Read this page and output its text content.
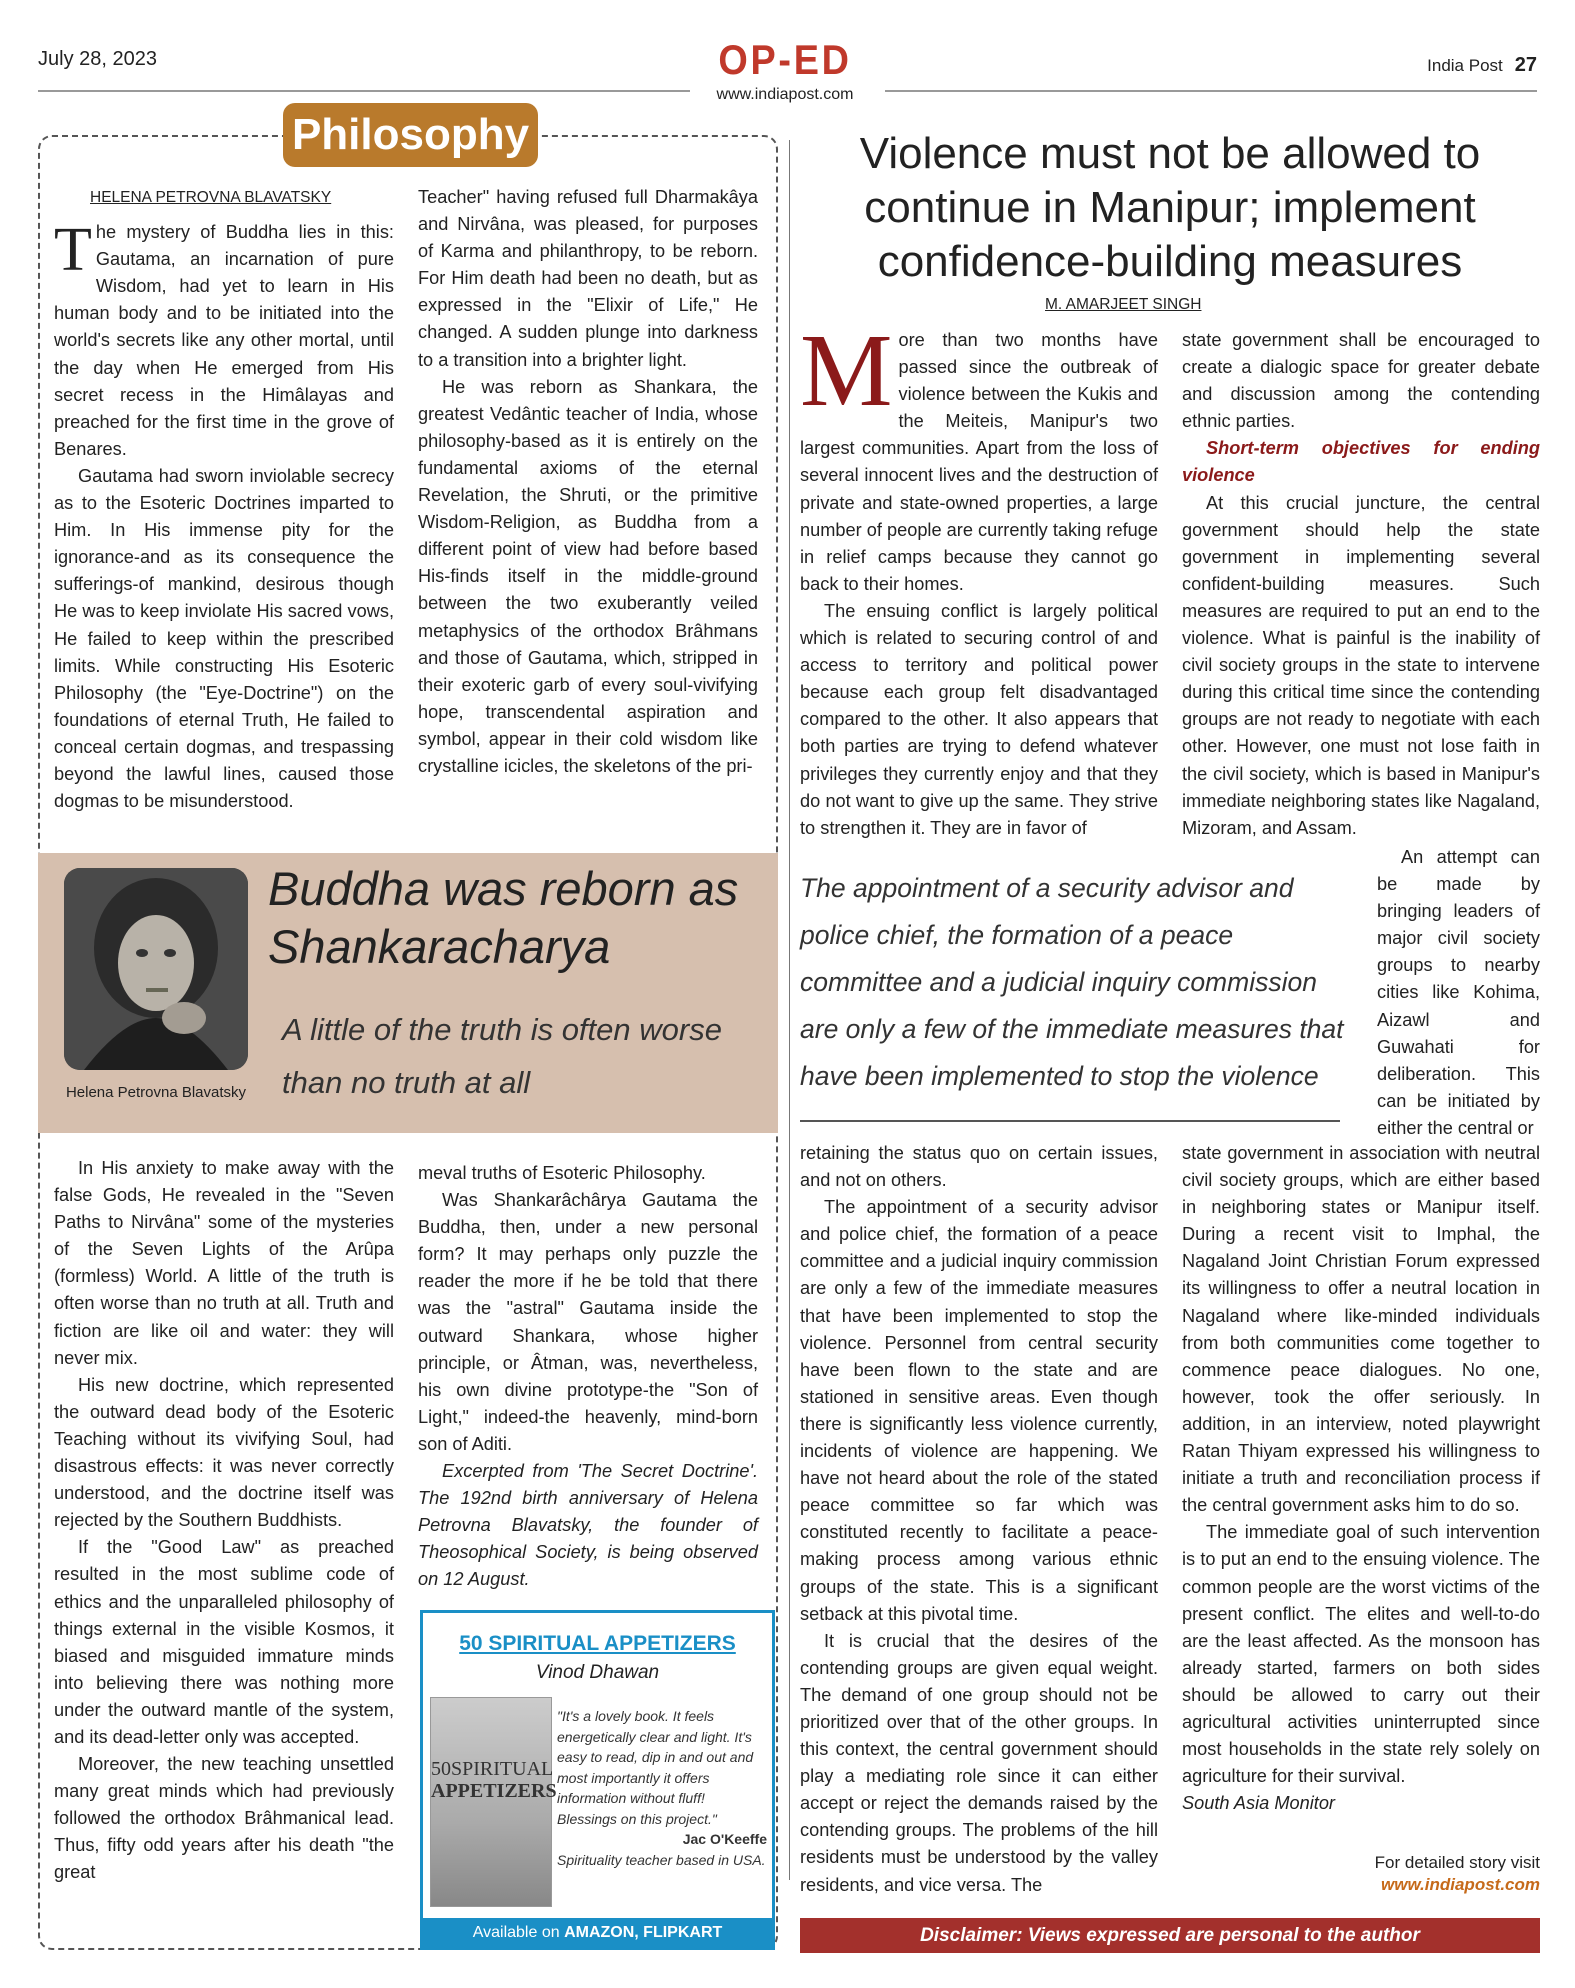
July 28, 2023	OP-ED
www.indiapost.com
India Post 27
Philosophy
HELENA PETROVNA BLAVATSKY

The mystery of Buddha lies in this: Gautama, an incarnation of pure Wisdom, had yet to learn in His human body and to be initiated into the world's secrets like any other mortal, until the day when He emerged from His secret recess in the Himâlayas and preached for the first time in the grove of Benares.

Gautama had sworn inviolable secrecy as to the Esoteric Doctrines imparted to Him. In His immense pity for the ignorance-and as its consequence the sufferings-of mankind, desirous though He was to keep inviolate His sacred vows, He failed to keep within the prescribed limits. While constructing His Esoteric Philosophy (the "Eye-Doctrine") on the foundations of eternal Truth, He failed to conceal certain dogmas, and trespassing beyond the lawful lines, caused those dogmas to be misunderstood.

Teacher" having refused full Dharmakâya and Nirvâna, was pleased, for purposes of Karma and philanthropy, to be reborn. For Him death had been no death, but as expressed in the "Elixir of Life," He changed. A sudden plunge into darkness to a transition into a brighter light.

He was reborn as Shankara, the greatest Vedântic teacher of India, whose philosophy-based as it is entirely on the fundamental axioms of the eternal Revelation, the Shruti, or the primitive Wisdom-Religion, as Buddha from a different point of view had before based His-finds itself in the middle-ground between the two exuberantly veiled metaphysics of the orthodox Brâhmans and those of Gautama, which, stripped in their exoteric garb of every soul-vivifying hope, transcendental aspiration and symbol, appear in their cold wisdom like crystalline icicles, the skeletons of the pri-

Helena Petrovna Blavatsky
Buddha was reborn as Shankaracharya
A little of the truth is often worse than no truth at all

In His anxiety to make away with the false Gods, He revealed in the "Seven Paths to Nirvâna" some of the mysteries of the Seven Lights of the Arûpa (formless) World. A little of the truth is often worse than no truth at all. Truth and fiction are like oil and water: they will never mix.

His new doctrine, which represented the outward dead body of the Esoteric Teaching without its vivifying Soul, had disastrous effects: it was never correctly understood, and the doctrine itself was rejected by the Southern Buddhists.

If the "Good Law" as preached resulted in the most sublime code of ethics and the unparalleled philosophy of things external in the visible Kosmos, it biased and misguided immature minds into believing there was nothing more under the outward mantle of the system, and its dead-letter only was accepted.

Moreover, the new teaching unsettled many great minds which had previously followed the orthodox Brâhmanical lead. Thus, fifty odd years after his death "the great

meval truths of Esoteric Philosophy.

Was Shankarâchârya Gautama the Buddha, then, under a new personal form? It may perhaps only puzzle the reader the more if he be told that there was the "astral" Gautama inside the outward Shankara, whose higher principle, or Âtman, was, nevertheless, his own divine prototype-the "Son of Light," indeed-the heavenly, mind-born son of Aditi.

Excerpted from 'The Secret Doctrine'. The 192nd birth anniversary of Helena Petrovna Blavatsky, the founder of Theosophical Society, is being observed on 12 August.

50 SPIRITUAL APPETIZERS
Vinod Dhawan
50SPIRITUAL
APPETIZERS
"It's a lovely book. It feels energetically clear and light. It's easy to read, dip in and out and most importantly it offers information without fluff! Blessings on this project."
Jac O'Keeffe
Spirituality teacher based in USA.
Available on AMAZON, FLIPKART
Violence must not be allowed to continue in Manipur; implement confidence-building measures
M. AMARJEET SINGH

More than two months have passed since the outbreak of violence between the Kukis and the Meiteis, Manipur's two largest communities. Apart from the loss of several innocent lives and the destruction of private and state-owned properties, a large number of people are currently taking refuge in relief camps because they cannot go back to their homes.

The ensuing conflict is largely political which is related to securing control of and access to territory and political power because each group felt disadvantaged compared to the other. It also appears that both parties are trying to defend whatever privileges they currently enjoy and that they do not want to give up the same. They strive to strengthen it. They are in favor of

state government shall be encouraged to create a dialogic space for greater debate and discussion among the contending ethnic parties.

Short-term objectives for ending violence

At this crucial juncture, the central government should help the state government in implementing several confident-building measures. Such measures are required to put an end to the violence. What is painful is the inability of civil society groups in the state to intervene during this critical time since the contending groups are not ready to negotiate with each other. However, one must not lose faith in the civil society, which is based in Manipur's immediate neighboring states like Nagaland, Mizoram, and Assam.

An attempt can be made by bringing leaders of major civil society groups to nearby cities like Kohima, Aizawl and Guwahati for deliberation. This can be initiated by either the central or

The appointment of a security advisor and police chief, the formation of a peace committee and a judicial inquiry commission are only a few of the immediate measures that have been implemented to stop the violence

retaining the status quo on certain issues, and not on others.

The appointment of a security advisor and police chief, the formation of a peace committee and a judicial inquiry commission are only a few of the immediate measures that have been implemented to stop the violence. Personnel from central security have been flown to the state and are stationed in sensitive areas. Even though there is significantly less violence currently, incidents of violence are happening. We have not heard about the role of the stated peace committee so far which was constituted recently to facilitate a peace-making process among various ethnic groups of the state. This is a significant setback at this pivotal time.

It is crucial that the desires of the contending groups are given equal weight. The demand of one group should not be prioritized over that of the other groups. In this context, the central government should play a mediating role since it can either accept or reject the demands raised by the contending groups. The problems of the hill residents must be understood by the valley residents, and vice versa. The

state government in association with neutral civil society groups, which are either based in neighboring states or Manipur itself. During a recent visit to Imphal, the Nagaland Joint Christian Forum expressed its willingness to offer a neutral location in Nagaland where like-minded individuals from both communities come together to commence peace dialogues. No one, however, took the offer seriously. In addition, in an interview, noted playwright Ratan Thiyam expressed his willingness to initiate a truth and reconciliation process if the central government asks him to do so.

The immediate goal of such intervention is to put an end to the ensuing violence. The common people are the worst victims of the present conflict. The elites and well-to-do are the least affected. As the monsoon has already started, farmers on both sides should be allowed to carry out their agricultural activities uninterrupted since most households in the state rely solely on agriculture for their survival.

South Asia Monitor

For detailed story visit
www.indiapost.com
Disclaimer: Views expressed are personal to the author
